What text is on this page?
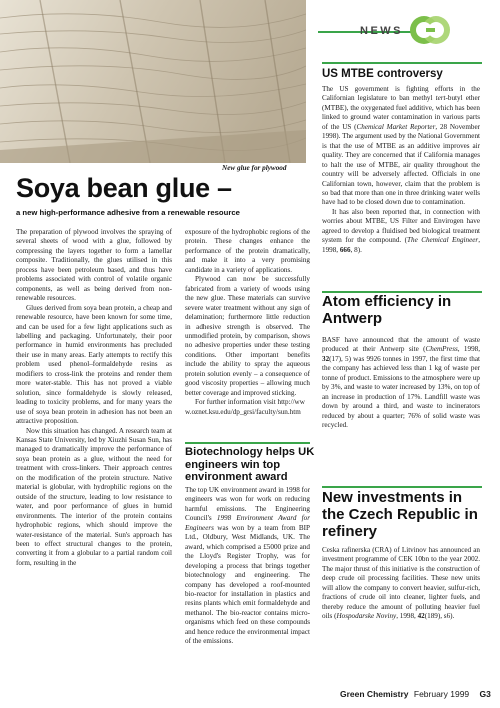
NEWS
New glue for plywood
Soya bean glue –
a new high-performance adhesive from a renewable resource

The preparation of plywood involves the spraying of several sheets of wood with a glue, followed by compressing the layers together to form a lamellar composite. Traditionally, the glues utilised in this process have been petroleum based, and thus have problems associated with control of volatile organic components, as well as being derived from non-renewable resources.

Glues derived from soya bean protein, a cheap and renewable resource, have been known for some time, and can be used for a few light applications such as labelling and packaging. Unfortunately, their poor performance in humid environments has precluded their use in many areas. Early attempts to rectify this problem used phenol–formaldehyde resins as modifiers to cross-link the proteins and render them more water-stable. This has not proved a viable solution, since formaldehyde is slowly released, leading to toxicity problems, and for many years the use of soya bean protein in adhesion has not been an attractive proposition.

Now this situation has changed. A research team at Kansas State University, led by Xiuzhi Susan Sun, has managed to dramatically improve the performance of soya bean protein as a glue, without the need for treatment with cross-linkers. Their approach centres on the modification of the protein structure. Native material is globular, with hydrophilic regions on the outside of the structure, leading to low resistance to water, and poor performance of glues in humid environments. The interior of the protein contains hydrophobic regions, which should improve the water-resistance of the material. Sun's approach has been to effect structural changes to the protein, converting it from a globular to a partial random coil form, resulting in the

exposure of the hydrophobic regions of the protein. These changes enhance the performance of the protein dramatically, and make it into a very promising candidate in a variety of applications.

Plywood can now be successfully fabricated from a variety of woods using the new glue. These materials can survive severe water treatment without any sign of delamination; furthermore little reduction in adhesive strength is observed. The unmodified protein, by comparison, shows no adhesive properties under these testing conditions. Other important benefits include the ability to spray the aqueous protein solution evenly – a consequence of good viscosity properties – allowing much better coverage and improved sticking.

For further information visit http://www.oznet.ksu.edu/dp_grsi/faculty/sun.htm

Biotechnology helps UK engineers win top environment award

The top UK environment award in 1998 for engineers was won for work on reducing harmful emissions. The Engineering Council's 1998 Environment Award for Engineers was won by a team from BIP Ltd., Oldbury, West Midlands, UK. The award, which comprised a £5000 prize and the Lloyd's Register Trophy, was for developing a process that brings together biotechnology and engineering. The company has developed a roof-mounted bio-reactor for installation in plastics and resins plants which emit formaldehyde and methanol. The bio-reactor contains micro-organisms which feed on these compounds and hence reduce the environmental impact of the emissions.

US MTBE controversy

The US government is fighting efforts in the Californian legislature to ban methyl tert-butyl ether (MTBE), the oxygenated fuel additive, which has been linked to ground water contamination in various parts of the US (Chemical Market Reporter, 28 November 1998). The argument used by the National Government is that the use of MTBE as an additive improves air quality. They are concerned that if California manages to halt the use of MTBE, air quality throughout the country will be adversely affected. Officials in one Californian town, however, claim that the problem is so bad that more than one in three drinking water wells have had to be closed down due to contamination.

It has also been reported that, in connection with worries about MTBE, US Filter and Envirogen have agreed to develop a fluidised bed biological treatment system for the compound. (The Chemical Engineer, 1998, 666, 8).

Atom efficiency in Antwerp

BASF have announced that the amount of waste produced at their Antwerp site (ChemPress, 1998, 32(17), 5) was 9926 tonnes in 1997, the first time that the company has achieved less than 1 kg of waste per tonne of product. Emissions to the atmosphere were up by 3%, and waste to water increased by 13%, on top of an increase in production of 17%. Landfill waste was down by around a third, and waste to incinerators reduced by about a quarter; 76% of solid waste was recycled.

New investments in the Czech Republic in refinery

Ceska rafinerska (CRA) of Litvinov has announced an investment programme of CEK 10bn to the year 2002. The major thrust of this initiative is the construction of deep crude oil processing facilities. These new units will allow the company to convert heavier, sulfur-rich, fractions of crude oil into cleaner, lighter fuels, and thereby reduce the amount of polluting heavier fuel oils (Hospodarske Noviny, 1998, 42(189), s6).

Green Chemistry February 1999 G3
